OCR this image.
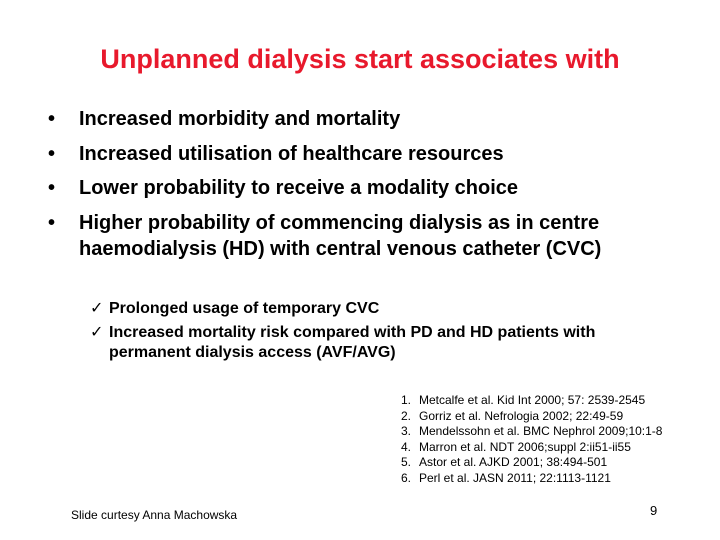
Unplanned dialysis start associates with
• Increased morbidity and mortality
• Increased utilisation of healthcare resources
• Lower probability to receive a modality choice
• Higher probability of commencing dialysis as in centre haemodialysis (HD) with central venous catheter (CVC)
✓ Prolonged usage of temporary CVC
✓ Increased mortality risk compared with PD and HD patients with permanent dialysis access (AVF/AVG)
1. Metcalfe et al. Kid Int 2000; 57: 2539-2545
2. Gorriz et al. Nefrologia 2002; 22:49-59
3. Mendelssohn et al. BMC Nephrol 2009;10:1-8
4. Marron et al. NDT 2006;suppl 2:ii51-ii55
5. Astor et al. AJKD 2001; 38:494-501
6. Perl et al. JASN 2011; 22:1113-1121
Slide curtesy Anna Machowska	9
